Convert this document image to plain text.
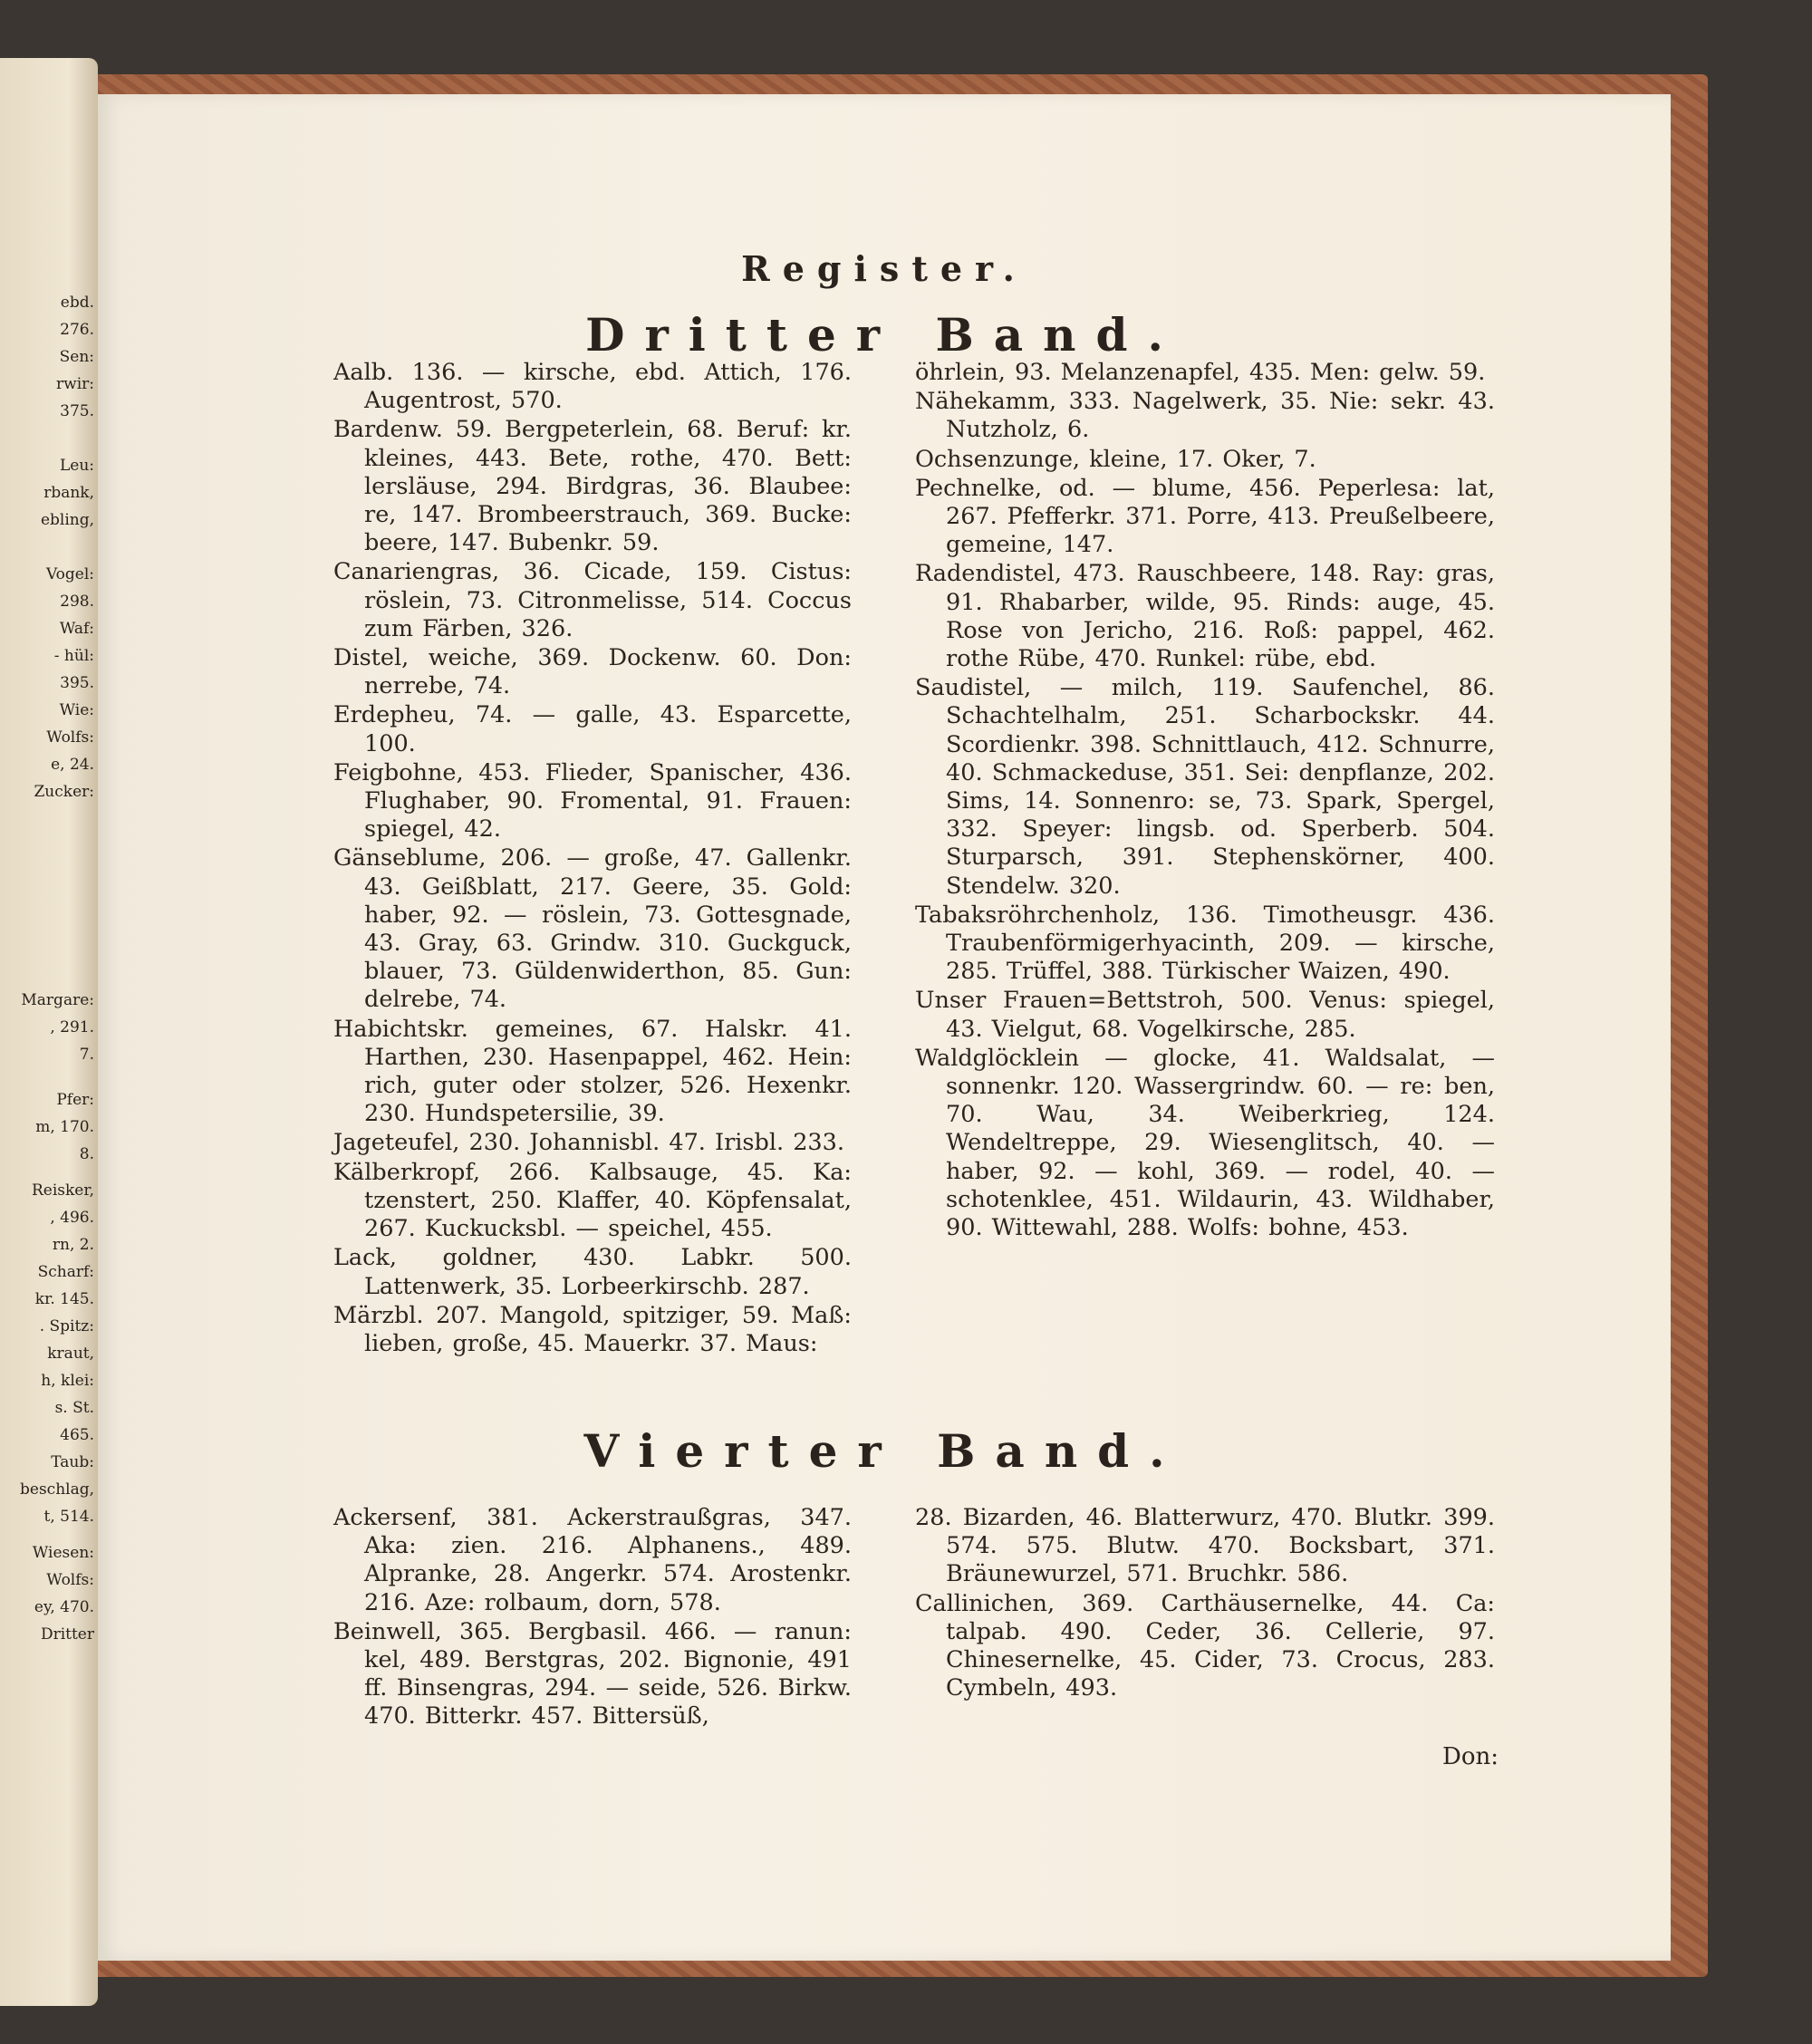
ebd.
276.
Sen:
rwir:
375.
Leu:
rbank,
ebling,
Vogel:
298.
Waf:
- hül:
395.
Wie:
Wolfs:
e, 24.
Zucker:
Margare:
, 291.
7.
Pfer:
m, 170.
8.
Reisker,
, 496.
rn, 2.
Scharf:
kr. 145.
. Spitz:
kraut,
h, klei:
s. St.
465.
Taub:
beschlag,
t, 514.
Wiesen:
Wolfs:
ey, 470.
Dritter
Register.
Dritter Band.

Aalb. 136. — kirsche, ebd. Attich, 176. Augentrost, 570.

Bardenw. 59. Bergpeterlein, 68. Beruf: kr. kleines, 443. Bete, rothe, 470. Bett: lersläuse, 294. Birdgras, 36. Blaubee: re, 147. Brombeerstrauch, 369. Bucke: beere, 147. Bubenkr. 59.

Canariengras, 36. Cicade, 159. Cistus: röslein, 73. Citronmelisse, 514. Coccus zum Färben, 326.

Distel, weiche, 369. Dockenw. 60. Don: nerrebe, 74.

Erdepheu, 74. — galle, 43. Esparcette, 100.

Feigbohne, 453. Flieder, Spanischer, 436. Flughaber, 90. Fromental, 91. Frauen: spiegel, 42.

Gänseblume, 206. — große, 47. Gallenkr. 43. Geißblatt, 217. Geere, 35. Gold: haber, 92. — röslein, 73. Gottesgnade, 43. Gray, 63. Grindw. 310. Guckguck, blauer, 73. Güldenwiderthon, 85. Gun: delrebe, 74.

Habichtskr. gemeines, 67. Halskr. 41. Harthen, 230. Hasenpappel, 462. Hein: rich, guter oder stolzer, 526. Hexenkr. 230. Hundspetersilie, 39.

Jageteufel, 230. Johannisbl. 47. Irisbl. 233.

Kälberkropf, 266. Kalbsauge, 45. Ka: tzenstert, 250. Klaffer, 40. Köpfensalat, 267. Kuckucksbl. — speichel, 455.

Lack, goldner, 430. Labkr. 500. Lattenwerk, 35. Lorbeerkirschb. 287.

Märzbl. 207. Mangold, spitziger, 59. Maß: lieben, große, 45. Mauerkr. 37. Maus:

öhrlein, 93. Melanzenapfel, 435. Men: gelw. 59.

Nähekamm, 333. Nagelwerk, 35. Nie: sekr. 43. Nutzholz, 6.

Ochsenzunge, kleine, 17. Oker, 7.

Pechnelke, od. — blume, 456. Peperlesa: lat, 267. Pfefferkr. 371. Porre, 413. Preußelbeere, gemeine, 147.

Radendistel, 473. Rauschbeere, 148. Ray: gras, 91. Rhabarber, wilde, 95. Rinds: auge, 45. Rose von Jericho, 216. Roß: pappel, 462. rothe Rübe, 470. Runkel: rübe, ebd.

Saudistel, — milch, 119. Saufenchel, 86. Schachtelhalm, 251. Scharbockskr. 44. Scordienkr. 398. Schnittlauch, 412. Schnurre, 40. Schmackeduse, 351. Sei: denpflanze, 202. Sims, 14. Sonnenro: se, 73. Spark, Spergel, 332. Speyer: lingsb. od. Sperberb. 504. Sturparsch, 391. Stephenskörner, 400. Stendelw. 320.

Tabaksröhrchenholz, 136. Timotheusgr. 436. Traubenförmigerhyacinth, 209. — kirsche, 285. Trüffel, 388. Türkischer Waizen, 490.

Unser Frauen=Bettstroh, 500. Venus: spiegel, 43. Vielgut, 68. Vogelkirsche, 285.

Waldglöcklein — glocke, 41. Waldsalat, — sonnenkr. 120. Wassergrindw. 60. — re: ben, 70. Wau, 34. Weiberkrieg, 124. Wendeltreppe, 29. Wiesenglitsch, 40. — haber, 92. — kohl, 369. — rodel, 40. — schotenklee, 451. Wildaurin, 43. Wildhaber, 90. Wittewahl, 288. Wolfs: bohne, 453.

Vierter Band.

Ackersenf, 381. Ackerstraußgras, 347. Aka: zien. 216. Alphanens., 489. Alpranke, 28. Angerkr. 574. Arostenkr. 216. Aze: rolbaum, dorn, 578.

Beinwell, 365. Bergbasil. 466. — ranun: kel, 489. Berstgras, 202. Bignonie, 491 ff. Binsengras, 294. — seide, 526. Birkw. 470. Bitterkr. 457. Bittersüß,

28. Bizarden, 46. Blatterwurz, 470. Blutkr. 399. 574. 575. Blutw. 470. Bocksbart, 371. Bräunewurzel, 571. Bruchkr. 586.

Callinichen, 369. Carthäusernelke, 44. Ca: talpab. 490. Ceder, 36. Cellerie, 97. Chinesernelke, 45. Cider, 73. Crocus, 283. Cymbeln, 493.

Don:
